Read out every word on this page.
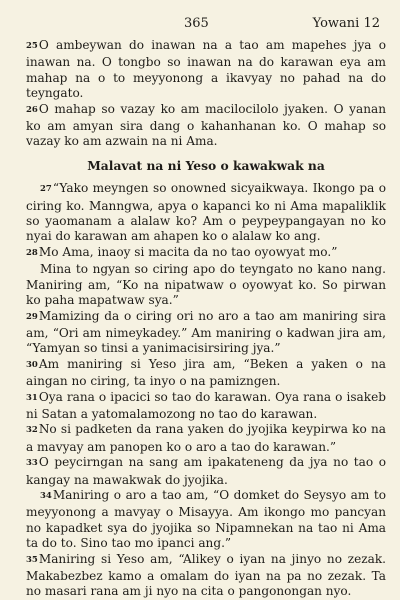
365	Yowani 12

25O ambeywan do inawan na a tao am mapehes jya o inawan na. O tongbo so inawan na do karawan eya am mahap na o to meyyonong a ikavyay no pahad na do teyngato.

26O mahap so vazay ko am macilocilolo jyaken. O yanan ko am amyan sira dang o kahanhanan ko. O mahap so vazay ko am azwain na ni Ama.

Malavat na ni Yeso o kawakwak na

27“Yako meyngen so onowned sicyaikwaya. Ikongo pa o ciring ko. Manngwa, apya o kapanci ko ni Ama mapaliklik so yaomanam a alalaw ko? Am o peypeypangayan no ko nyai do karawan am ahapen ko o alalaw ko ang.

28Mo Ama, inaoy si macita da no tao oyowyat mo.”

Mina to ngyan so ciring apo do teyngato no kano nang. Maniring am, “Ko na nipatwaw o oyowyat ko. So pirwan ko paha mapatwaw sya.”

29Mamizing da o ciring ori no aro a tao am maniring sira am, “Ori am nimeykadey.” Am maniring o kadwan jira am, “Yamyan so tinsi a yanimacisirsiring jya.”

30Am maniring si Yeso jira am, “Beken a yaken o na aingan no ciring, ta inyo o na pamizngen.

31Oya rana o ipacici so tao do karawan. Oya rana o isakeb ni Satan a yatomalamozong no tao do karawan.

32No si padketen da rana yaken do jyojika keypirwa ko na a mavyay am panopen ko o aro a tao do karawan.”

33O peycirngan na sang am ipakateneng da jya no tao o kangay na mawakwak do jyojika.

34Maniring o aro a tao am, “O domket do Seysyo am to meyyonong a mavyay o Misayya. Am ikongo mo pancyan no kapadket sya do jyojika so Nipamnekan na tao ni Ama ta do to. Sino tao mo ipanci ang.”

35Maniring si Yeso am, “Alikey o iyan na jinyo no zezak. Makabezbez kamo a omalam do iyan na pa no zezak. Ta no masari rana am ji nyo na cita o pangonongan nyo.
